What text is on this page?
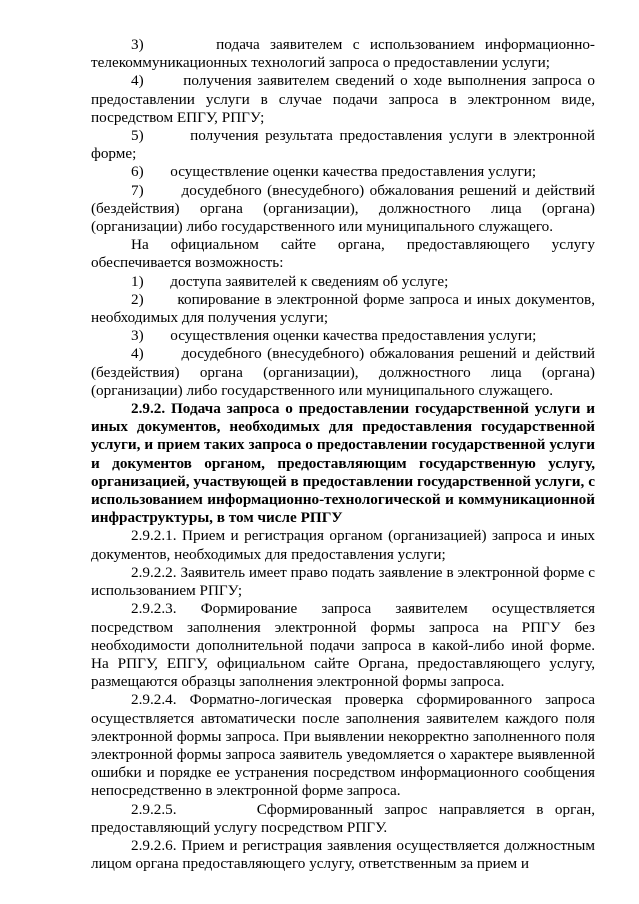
3)       подача заявителем с использованием информационно-телекоммуникационных технологий запроса о предоставлении услуги;

4)       получения заявителем сведений о ходе выполнения запроса о предоставлении услуги в случае подачи запроса в электронном виде, посредством ЕПГУ, РПГУ;

5)       получения результата предоставления услуги в электронной форме;

6)       осуществление оценки качества предоставления услуги;

7)       досудебного (внесудебного) обжалования решений и действий (бездействия) органа (организации), должностного лица (органа) (организации) либо государственного или муниципального служащего.

На официальном сайте органа, предоставляющего услугу обеспечивается возможность:

1)       доступа заявителей к сведениям об услуге;

2)       копирование в электронной форме запроса и иных документов, необходимых для получения услуги;

3)       осуществления оценки качества предоставления услуги;

4)       досудебного (внесудебного) обжалования решений и действий (бездействия) органа (организации), должностного лица (органа) (организации) либо государственного или муниципального служащего.

2.9.2. Подача запроса о предоставлении государственной услуги и иных документов, необходимых для предоставления государственной услуги, и прием таких запроса о предоставлении государственной услуги и документов органом, предоставляющим государственную услугу, организацией, участвующей в предоставлении государственной услуги, с использованием информационно-технологической и коммуникационной инфраструктуры, в том числе РПГУ

2.9.2.1. Прием и регистрация органом (организацией) запроса и иных документов, необходимых для предоставления услуги;

2.9.2.2. Заявитель имеет право подать заявление в электронной форме с использованием РПГУ;

2.9.2.3. Формирование запроса заявителем осуществляется посредством заполнения электронной формы запроса на РПГУ без необходимости дополнительной подачи запроса в какой-либо иной форме. На РПГУ, ЕПГУ, официальном сайте Органа, предоставляющего услугу, размещаются образцы заполнения электронной формы запроса.

2.9.2.4. Форматно-логическая проверка сформированного запроса осуществляется автоматически после заполнения заявителем каждого поля электронной формы запроса. При выявлении некорректно заполненного поля электронной формы запроса заявитель уведомляется о характере выявленной ошибки и порядке ее устранения посредством информационного сообщения непосредственно в электронной форме запроса.

2.9.2.5.       Сформированный запрос направляется в орган, предоставляющий услугу посредством РПГУ.

2.9.2.6. Прием и регистрация заявления осуществляется должностным лицом органа предоставляющего услугу, ответственным за прием и
